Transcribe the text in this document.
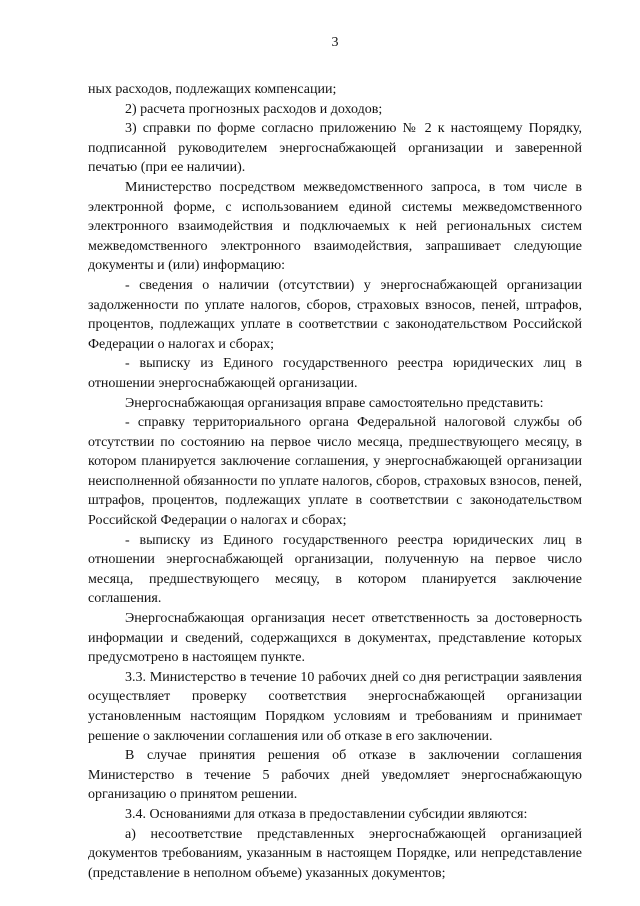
3

ных расходов, подлежащих компенсации;

2) расчета прогнозных расходов и доходов;

3) справки по форме согласно приложению № 2 к настоящему Порядку, подписанной руководителем энергоснабжающей организации и заверенной печатью (при ее наличии).

Министерство посредством межведомственного запроса, в том числе в электронной форме, с использованием единой системы межведомственного электронного взаимодействия и подключаемых к ней региональных систем межведомственного электронного взаимодействия, запрашивает следующие документы и (или) информацию:

- сведения о наличии (отсутствии) у энергоснабжающей организации задолженности по уплате налогов, сборов, страховых взносов, пеней, штрафов, процентов, подлежащих уплате в соответствии с законодательством Российской Федерации о налогах и сборах;

- выписку из Единого государственного реестра юридических лиц в отношении энергоснабжающей организации.

Энергоснабжающая организация вправе самостоятельно представить:

- справку территориального органа Федеральной налоговой службы об отсутствии по состоянию на первое число месяца, предшествующего месяцу, в котором планируется заключение соглашения, у энергоснабжающей организации неисполненной обязанности по уплате налогов, сборов, страховых взносов, пеней, штрафов, процентов, подлежащих уплате в соответствии с законодательством Российской Федерации о налогах и сборах;

- выписку из Единого государственного реестра юридических лиц в отношении энергоснабжающей организации, полученную на первое число месяца, предшествующего месяцу, в котором планируется заключение соглашения.

Энергоснабжающая организация несет ответственность за достоверность информации и сведений, содержащихся в документах, представление которых предусмотрено в настоящем пункте.

3.3. Министерство в течение 10 рабочих дней со дня регистрации заявления осуществляет проверку соответствия энергоснабжающей организации установленным настоящим Порядком условиям и требованиям и принимает решение о заключении соглашения или об отказе в его заключении.

В случае принятия решения об отказе в заключении соглашения Министерство в течение 5 рабочих дней уведомляет энергоснабжающую организацию о принятом решении.

3.4. Основаниями для отказа в предоставлении субсидии являются:

а) несоответствие представленных энергоснабжающей организацией документов требованиям, указанным в настоящем Порядке, или непредставление (представление в неполном объеме) указанных документов;
